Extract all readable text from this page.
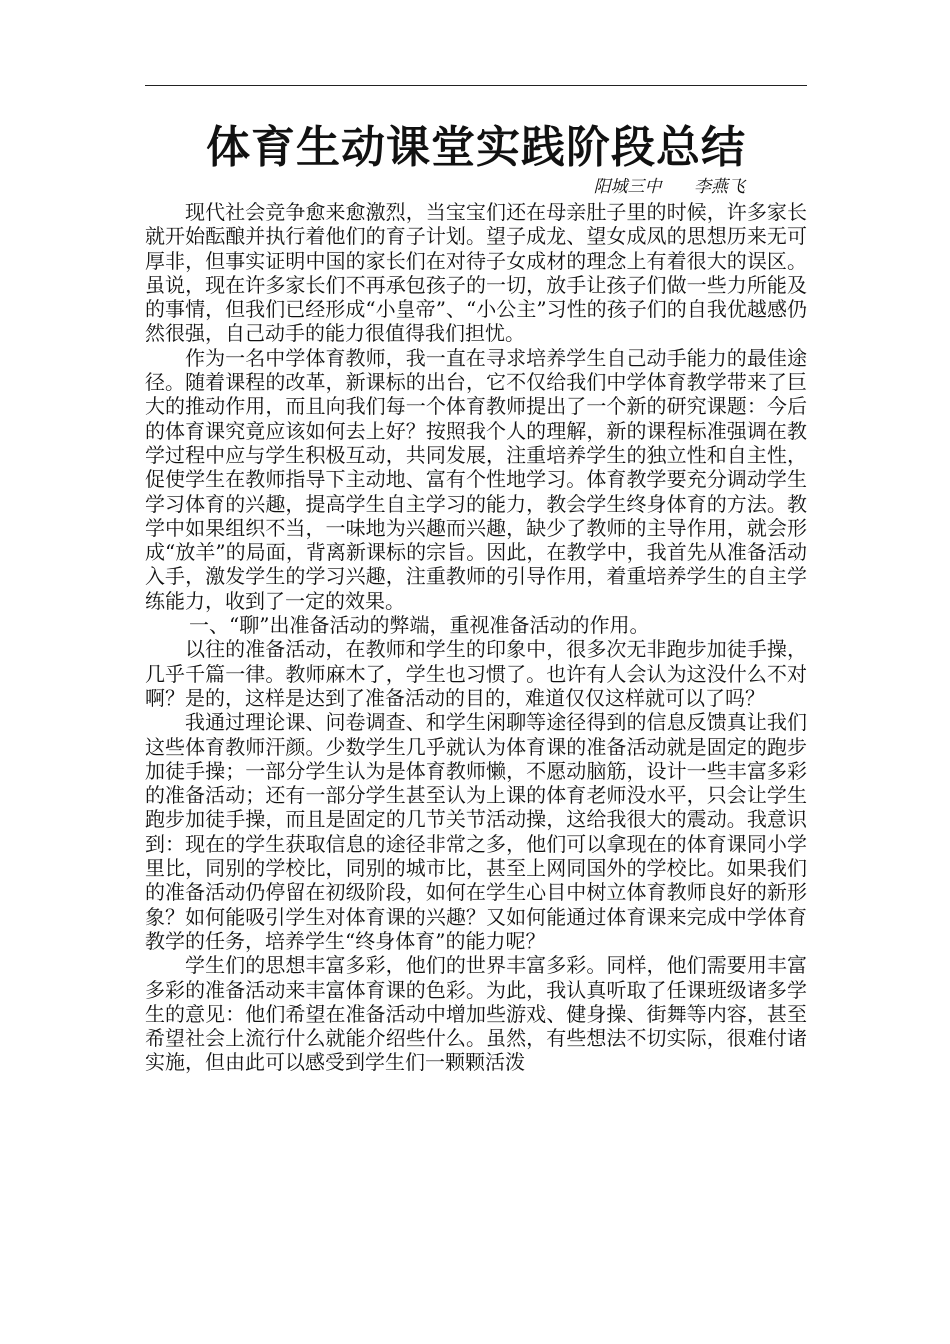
体育生动课堂实践阶段总结
阳城三中      李燕飞

现代社会竞争愈来愈激烈，当宝宝们还在母亲肚子里的时候，许多家长就开始酝酿并执行着他们的育子计划。望子成龙、望女成凤的思想历来无可厚非，但事实证明中国的家长们在对待子女成材的理念上有着很大的误区。虽说，现在许多家长们不再承包孩子的一切，放手让孩子们做一些力所能及的事情，但我们已经形成“小皇帝”、“小公主”习性的孩子们的自我优越感仍然很强，自己动手的能力很值得我们担忧。

作为一名中学体育教师，我一直在寻求培养学生自己动手能力的最佳途径。随着课程的改革，新课标的出台，它不仅给我们中学体育教学带来了巨大的推动作用，而且向我们每一个体育教师提出了一个新的研究课题：今后的体育课究竟应该如何去上好？按照我个人的理解，新的课程标准强调在教学过程中应与学生积极互动，共同发展，注重培养学生的独立性和自主性，促使学生在教师指导下主动地、富有个性地学习。体育教学要充分调动学生学习体育的兴趣，提高学生自主学习的能力，教会学生终身体育的方法。教学中如果组织不当，一味地为兴趣而兴趣，缺少了教师的主导作用，就会形成“放羊”的局面，背离新课标的宗旨。因此，在教学中，我首先从准备活动入手，激发学生的学习兴趣，注重教师的引导作用，着重培养学生的自主学练能力，收到了一定的效果。

一、“聊”出准备活动的弊端，重视准备活动的作用。

以往的准备活动，在教师和学生的印象中，很多次无非跑步加徒手操，几乎千篇一律。教师麻木了，学生也习惯了。也许有人会认为这没什么不对啊？是的，这样是达到了准备活动的目的，难道仅仅这样就可以了吗？

我通过理论课、问卷调查、和学生闲聊等途径得到的信息反馈真让我们这些体育教师汗颜。少数学生几乎就认为体育课的准备活动就是固定的跑步加徒手操；一部分学生认为是体育教师懒，不愿动脑筋，设计一些丰富多彩的准备活动；还有一部分学生甚至认为上课的体育老师没水平，只会让学生跑步加徒手操，而且是固定的几节关节活动操，这给我很大的震动。我意识到：现在的学生获取信息的途径非常之多，他们可以拿现在的体育课同小学里比，同别的学校比，同别的城市比，甚至上网同国外的学校比。如果我们的准备活动仍停留在初级阶段，如何在学生心目中树立体育教师良好的新形象？如何能吸引学生对体育课的兴趣？又如何能通过体育课来完成中学体育教学的任务，培养学生“终身体育”的能力呢？

学生们的思想丰富多彩，他们的世界丰富多彩。同样，他们需要用丰富多彩的准备活动来丰富体育课的色彩。为此，我认真听取了任课班级诸多学生的意见：他们希望在准备活动中增加些游戏、健身操、街舞等内容，甚至希望社会上流行什么就能介绍些什么。虽然，有些想法不切实际，很难付诸实施，但由此可以感受到学生们一颗颗活泼
